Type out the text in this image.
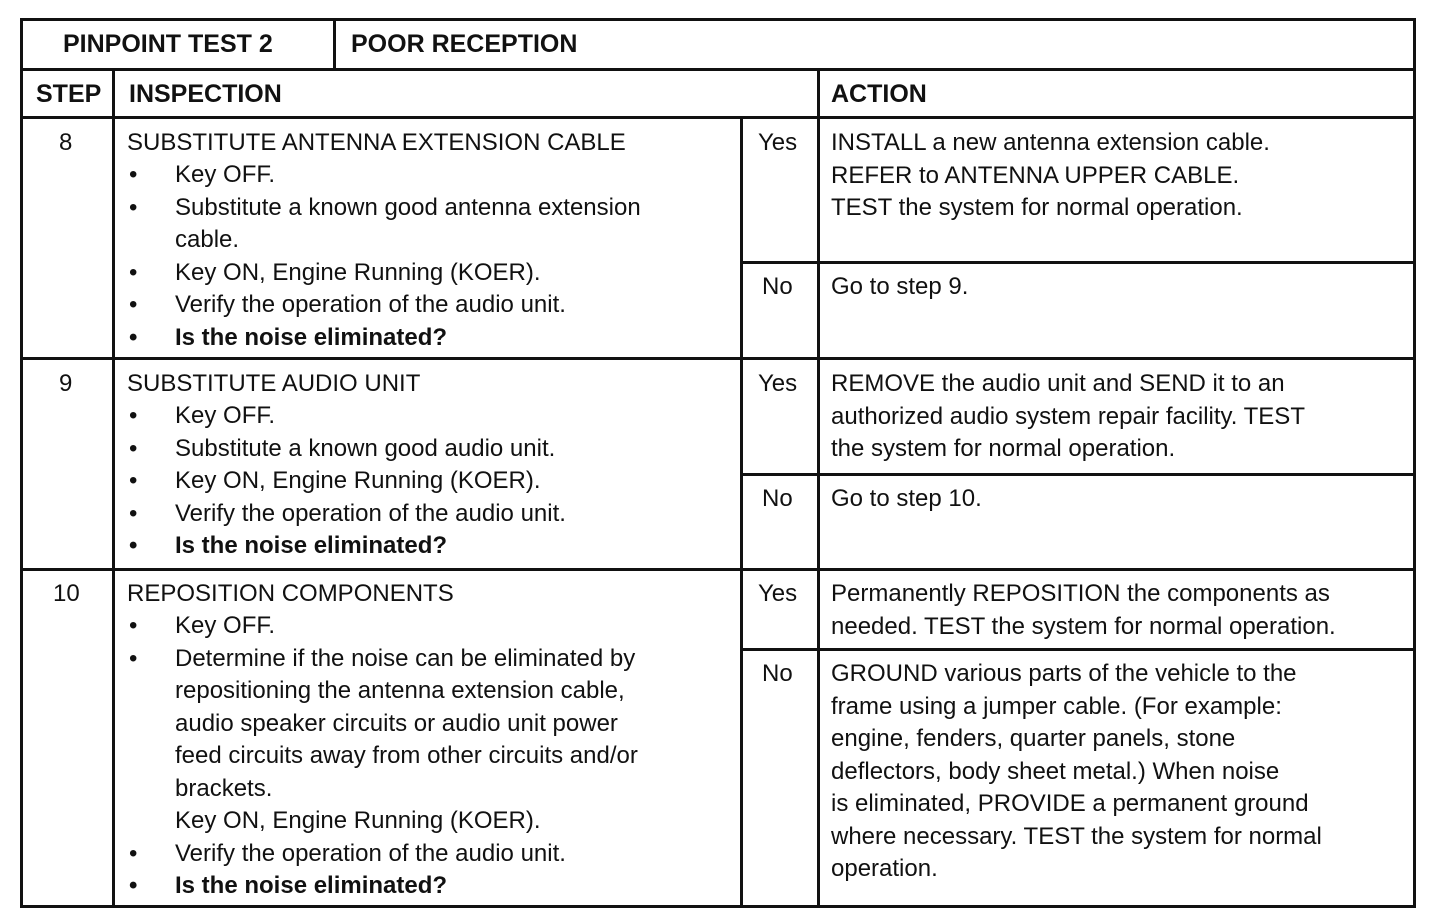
PINPOINT TEST 2	POOR RECEPTION
STEP INSPECTION	ACTION
8 SUBSTITUTE ANTENNA EXTENSION CABLE
• Key OFF.
• Substitute a known good antenna extension
cable.
• Key ON, Engine Running (KOER).
• Verify the operation of the audio unit.
• Is the noise eliminated?
Yes INSTALL a new antenna extension cable.
REFER to ANTENNA UPPER CABLE.
TEST the system for normal operation.
No Go to step 9.
9 SUBSTITUTE AUDIO UNIT
• Key OFF.
• Substitute a known good audio unit.
• Key ON, Engine Running (KOER).
• Verify the operation of the audio unit.
• Is the noise eliminated?
Yes REMOVE the audio unit and SEND it to an
authorized audio system repair facility. TEST
the system for normal operation.
No Go to step 10.
10 REPOSITION COMPONENTS
• Key OFF.
• Determine if the noise can be eliminated by
repositioning the antenna extension cable,
audio speaker circuits or audio unit power
feed circuits away from other circuits and/or
brackets.
Key ON, Engine Running (KOER).
• Verify the operation of the audio unit.
• Is the noise eliminated?
Yes Permanently REPOSITION the components as
needed. TEST the system for normal operation.
No GROUND various parts of the vehicle to the
frame using a jumper cable. (For example:
engine, fenders, quarter panels, stone
deflectors, body sheet metal.) When noise
is eliminated, PROVIDE a permanent ground
where necessary. TEST the system for normal
operation.
